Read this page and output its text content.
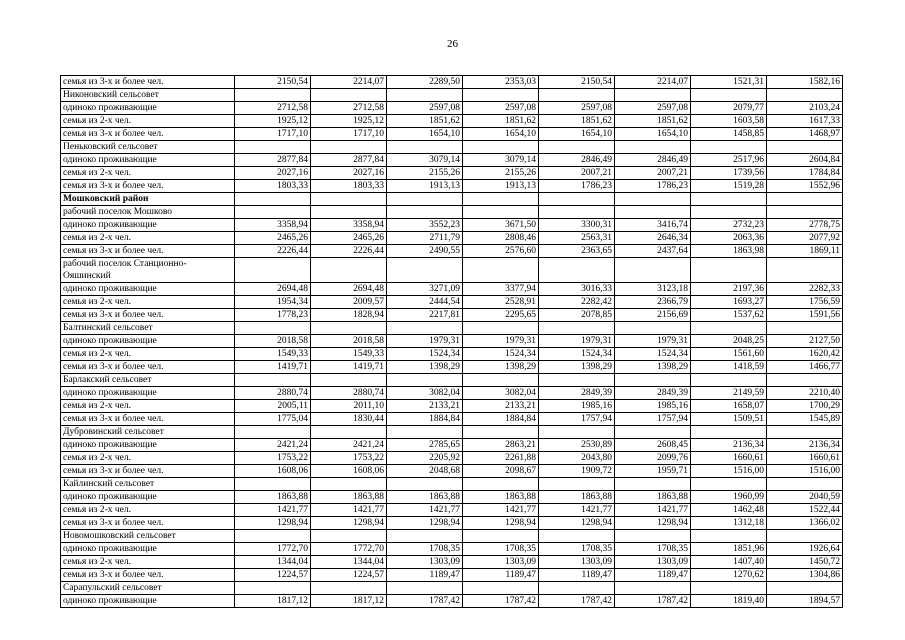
26
семья из 3-х и более чел.	2150,54	2214,07	2289,50	2353,03	2150,54	2214,07	1521,31	1582,16
Никоновский сельсовет								
одиноко проживающие	2712,58	2712,58	2597,08	2597,08	2597,08	2597,08	2079,77	2103,24
семья из 2-х чел.	1925,12	1925,12	1851,62	1851,62	1851,62	1851,62	1603,58	1617,33
семья из 3-х и более чел.	1717,10	1717,10	1654,10	1654,10	1654,10	1654,10	1458,85	1468,97
Пеньковский сельсовет								
одиноко проживающие	2877,84	2877,84	3079,14	3079,14	2846,49	2846,49	2517,96	2604,84
семья из 2-х чел.	2027,16	2027,16	2155,26	2155,26	2007,21	2007,21	1739,56	1784,84
семья из 3-х и более чел.	1803,33	1803,33	1913,13	1913,13	1786,23	1786,23	1519,28	1552,96
Мошковский район								
рабочий поселок Мошково								
одиноко проживающие	3358,94	3358,94	3552,23	3671,50	3300,31	3416,74	2732,23	2778,75
семья из 2-х чел.	2465,26	2465,26	2711,79	2808,46	2563,31	2646,34	2063,36	2077,92
семья из 3-х и более чел.	2226,44	2226,44	2490,55	2576,60	2363,65	2437,64	1863,98	1869,11
рабочий поселок Станционно-Ояшинский								
одиноко проживающие	2694,48	2694,48	3271,09	3377,94	3016,33	3123,18	2197,36	2282,33
семья из 2-х чел.	1954,34	2009,57	2444,54	2528,91	2282,42	2366,79	1693,27	1756,59
семья из 3-х и более чел.	1778,23	1828,94	2217,81	2295,65	2078,85	2156,69	1537,62	1591,56
Балтинский сельсовет								
одиноко проживающие	2018,58	2018,58	1979,31	1979,31	1979,31	1979,31	2048,25	2127,50
семья из 2-х чел.	1549,33	1549,33	1524,34	1524,34	1524,34	1524,34	1561,60	1620,42
семья из 3-х и более чел.	1419,71	1419,71	1398,29	1398,29	1398,29	1398,29	1418,59	1466,77
Барлакский сельсовет								
одиноко проживающие	2880,74	2880,74	3082,04	3082,04	2849,39	2849,39	2149,59	2210,40
семья из 2-х чел.	2005,11	2011,10	2133,21	2133,21	1985,16	1985,16	1658,07	1700,29
семья из 3-х и более чел.	1775,04	1830,44	1884,84	1884,84	1757,94	1757,94	1509,51	1545,89
Дубровинский сельсовет								
одиноко проживающие	2421,24	2421,24	2785,65	2863,21	2530,89	2608,45	2136,34	2136,34
семья из 2-х чел.	1753,22	1753,22	2205,92	2261,88	2043,80	2099,76	1660,61	1660,61
семья из 3-х и более чел.	1608,06	1608,06	2048,68	2098,67	1909,72	1959,71	1516,00	1516,00
Кайлинский сельсовет								
одиноко проживающие	1863,88	1863,88	1863,88	1863,88	1863,88	1863,88	1960,99	2040,59
семья из 2-х чел.	1421,77	1421,77	1421,77	1421,77	1421,77	1421,77	1462,48	1522,44
семья из 3-х и более чел.	1298,94	1298,94	1298,94	1298,94	1298,94	1298,94	1312,18	1366,02
Новомошковский сельсовет								
одиноко проживающие	1772,70	1772,70	1708,35	1708,35	1708,35	1708,35	1851,96	1926,64
семья из 2-х чел.	1344,04	1344,04	1303,09	1303,09	1303,09	1303,09	1407,40	1450,72
семья из 3-х и более чел.	1224,57	1224,57	1189,47	1189,47	1189,47	1189,47	1270,62	1304,86
Сарапульский сельсовет								
одиноко проживающие	1817,12	1817,12	1787,42	1787,42	1787,42	1787,42	1819,40	1894,57
